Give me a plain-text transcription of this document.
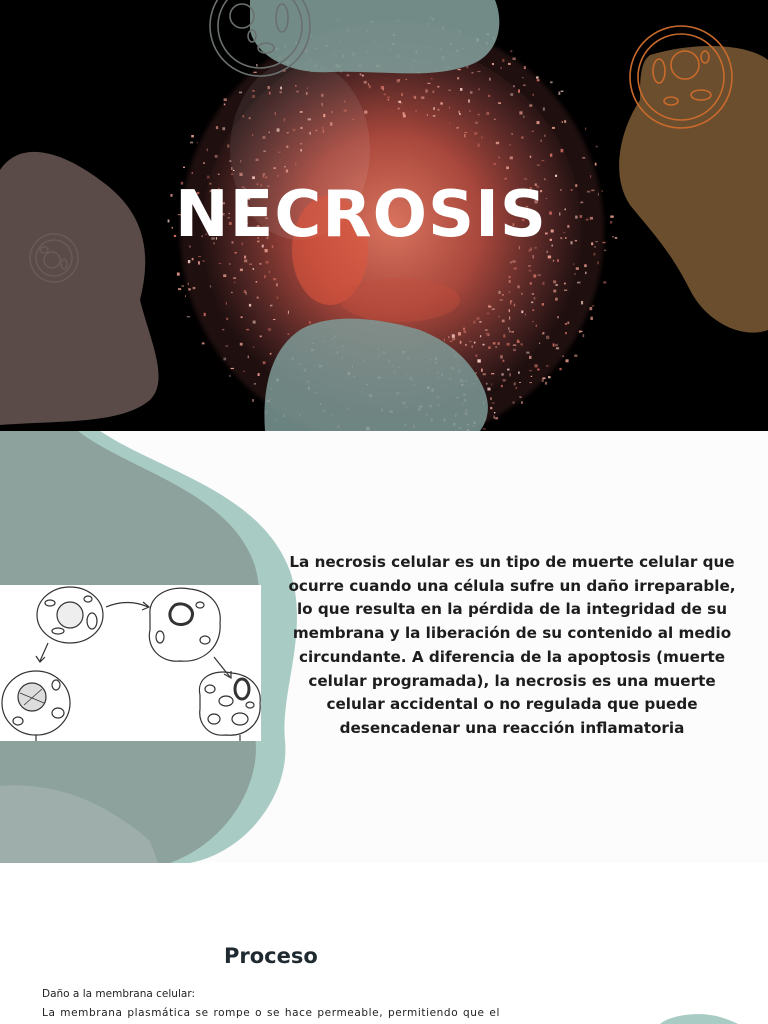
NECROSIS
La necrosis celular es un tipo de muerte celular que ocurre cuando una célula sufre un daño irreparable, lo que resulta en la pérdida de la integridad de su membrana y la liberación de su contenido al medio circundante. A diferencia de la apoptosis (muerte celular programada), la necrosis es una muerte celular accidental o no regulada que puede desencadenar una reacción inflamatoria
Proceso
Daño a la membrana celular:
La membrana plasmática se rompe o se hace permeable, permitiendo que el
